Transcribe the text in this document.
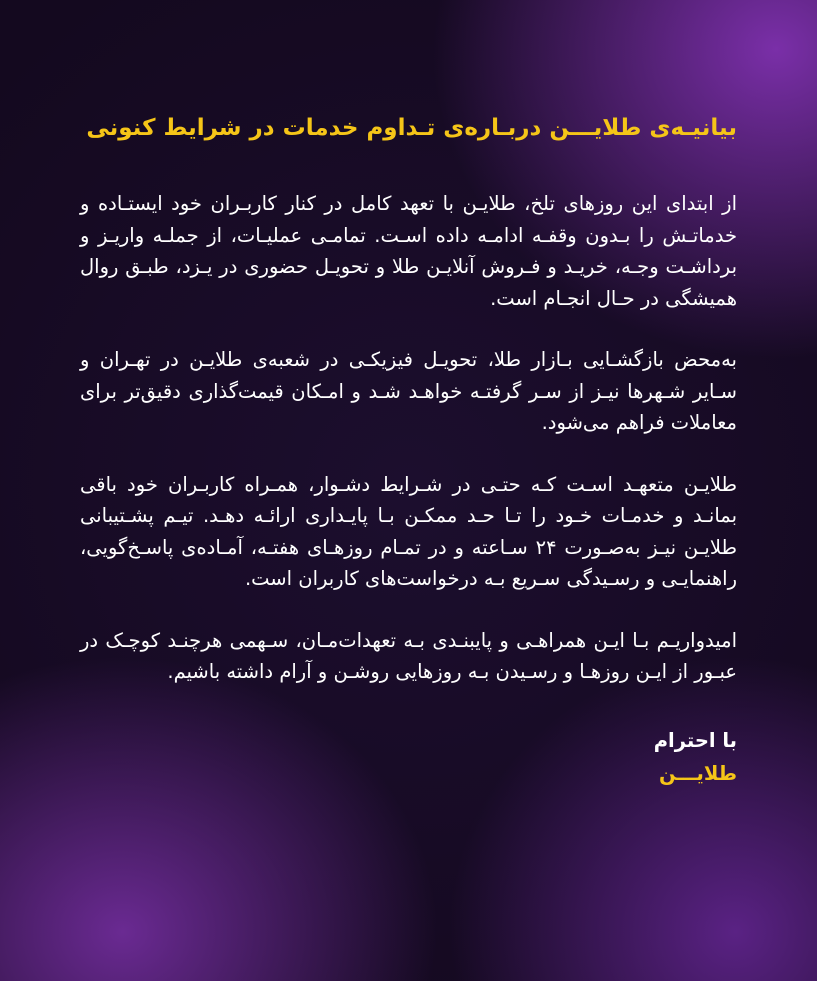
بیانیـه‌ی طلایـــن دربـاره‌ی تـداوم خدمات در شرایط کنونی

از ابتدای این روزهای تلخ، طلایـن با تعهد کامل در کنار کاربـران خود ایستـاده و خدماتـش را بـدون وقفـه ادامـه داده اسـت. تمامـی عملیـات، از جملـه واریـز و برداشـت وجـه، خریـد و فـروش آنلایـن طلا و تحویـل حضوری در یـزد، طبـق روال همیشگی در حـال انجـام است.

به‌محض بازگشـایی بـازار طلا، تحویـل فیزیکـی در شعبه‌ی طلایـن در تهـران و سـایر شـهرها نیـز از سـر گرفتـه خواهـد شـد و امـکان قیمت‌گذاری دقیق‌تر برای معاملات فراهم می‌شود.

طلایـن متعهـد اسـت کـه حتـی در شـرایط دشـوار، همـراه کاربـران خود باقی بمانـد و خدمـات خـود را تـا حـد ممکـن بـا پایـداری ارائـه دهـد. تیـم پشـتیبانی طلایـن نیـز به‌صـورت ۲۴ سـاعته و در تمـام روزهـای هفتـه، آمـاده‌ی پاسـخ‌گویی، راهنمایـی و رسـیدگی سـریع بـه درخواست‌های کاربران است.

امیدواریـم بـا ایـن همراهـی و پایبنـدی بـه تعهدات‌مـان، سـهمی هرچنـد کوچـک در عبـور از ایـن روزهـا و رسـیدن بـه روزهایی روشـن و آرام داشته باشیم.

با احترام
طلایـــن
